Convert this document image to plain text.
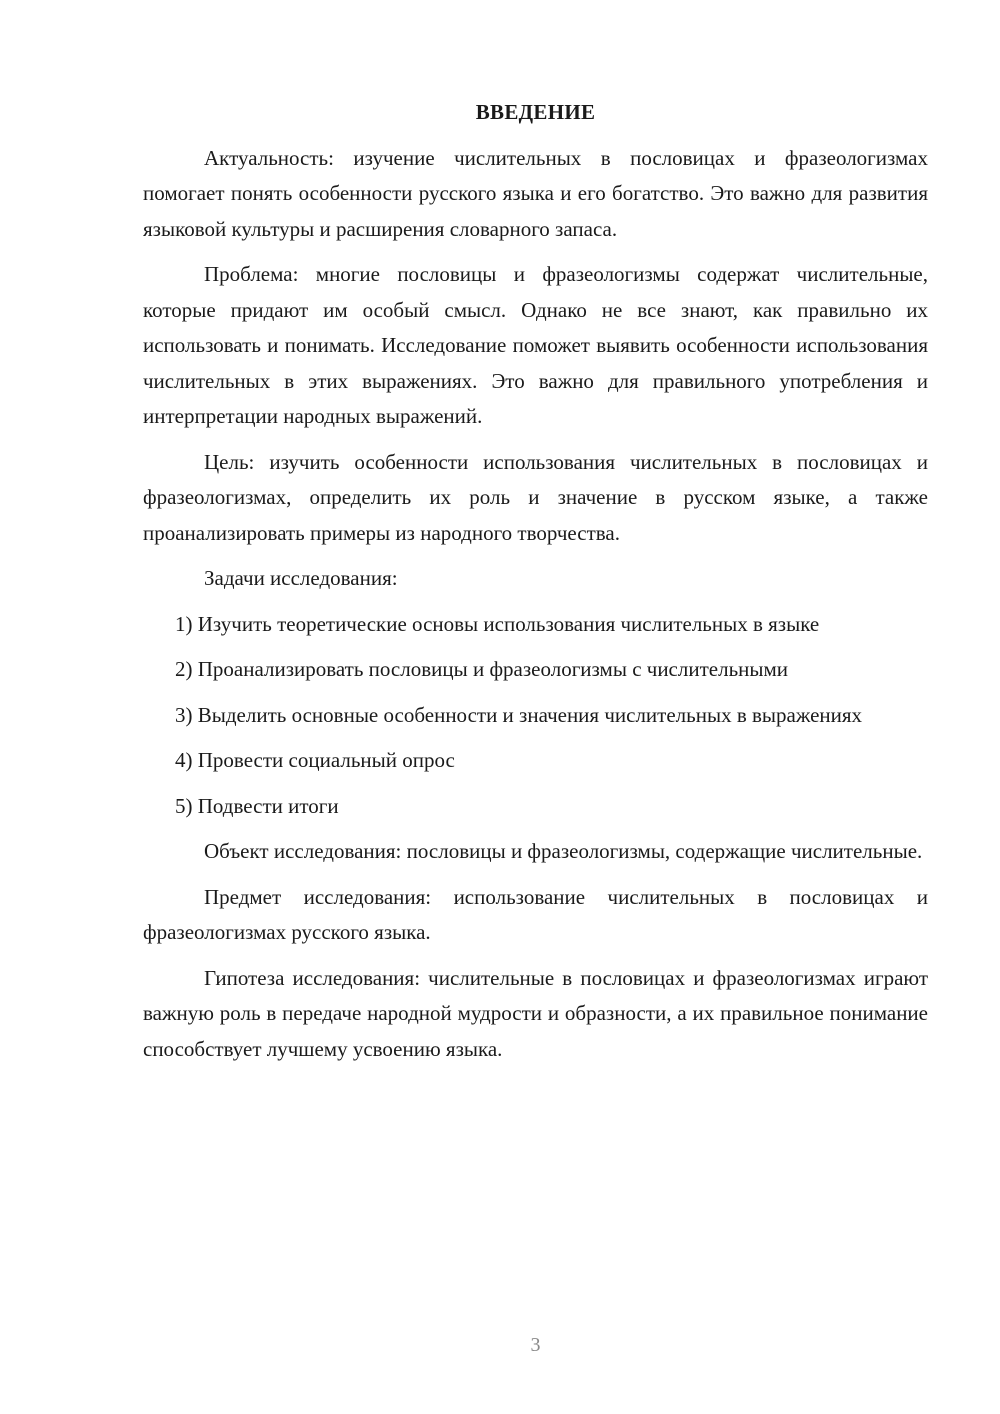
ВВЕДЕНИЕ

Актуальность: изучение числительных в пословицах и фразеологизмах помогает понять особенности русского языка и его богатство. Это важно для развития языковой культуры и расширения словарного запаса.

Проблема: многие пословицы и фразеологизмы содержат числительные, которые придают им особый смысл. Однако не все знают, как правильно их использовать и понимать. Исследование поможет выявить особенности использования числительных в этих выражениях. Это важно для правильного употребления и интерпретации народных выражений.

Цель: изучить особенности использования числительных в пословицах и фразеологизмах, определить их роль и значение в русском языке, а также проанализировать примеры из народного творчества.

Задачи исследования:

1) Изучить теоретические основы использования числительных в языке

2) Проанализировать пословицы и фразеологизмы с числительными

3) Выделить основные особенности и значения числительных в выражениях

4) Провести социальный опрос

5) Подвести итоги

Объект исследования: пословицы и фразеологизмы, содержащие числительные.

Предмет исследования: использование числительных в пословицах и фразеологизмах русского языка.

Гипотеза исследования: числительные в пословицах и фразеологизмах играют важную роль в передаче народной мудрости и образности, а их правильное понимание способствует лучшему усвоению языка.

3
